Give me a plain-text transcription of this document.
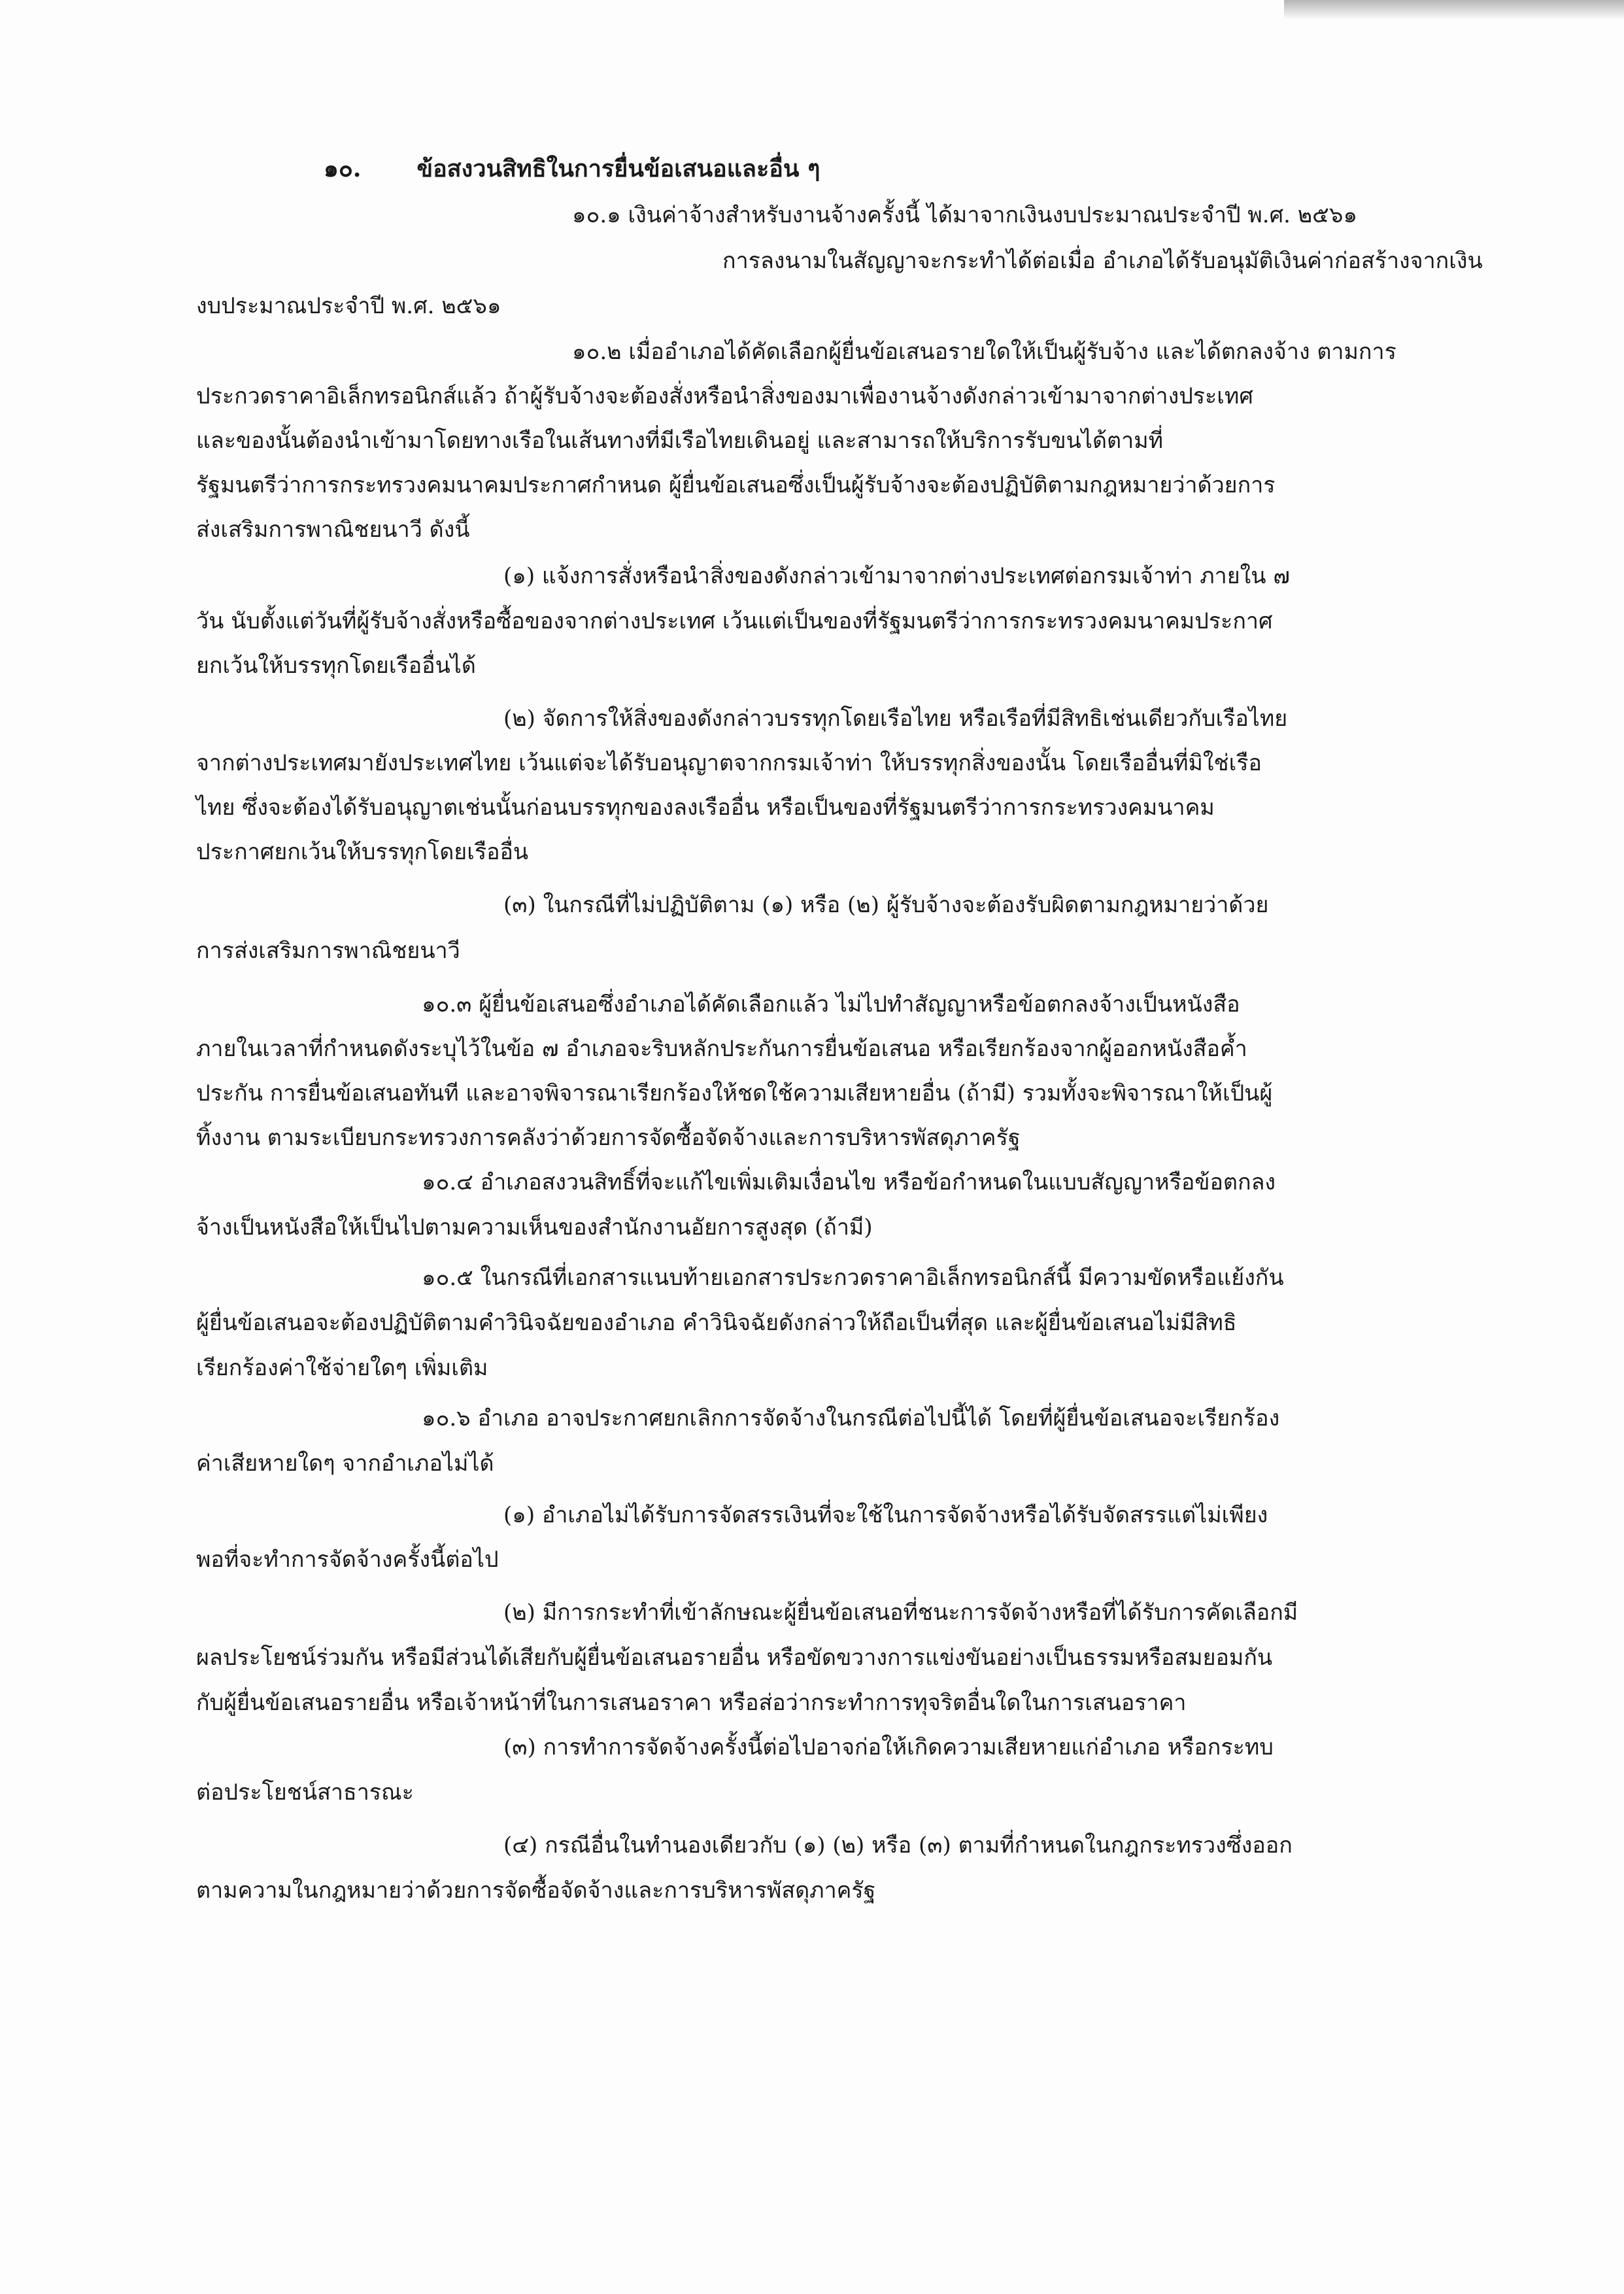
๑๐. ข้อสงวนสิทธิในการยื่นข้อเสนอและอื่น ๆ
๑๐.๑ เงินค่าจ้างสำหรับงานจ้างครั้งนี้ ได้มาจากเงินงบประมาณประจำปี พ.ศ. ๒๕๖๑
การลงนามในสัญญาจะกระทำได้ต่อเมื่อ อำเภอได้รับอนุมัติเงินค่าก่อสร้างจากเงิน
งบประมาณประจำปี พ.ศ. ๒๕๖๑
๑๐.๒ เมื่ออำเภอได้คัดเลือกผู้ยื่นข้อเสนอรายใดให้เป็นผู้รับจ้าง และได้ตกลงจ้าง ตามการ
ประกวดราคาอิเล็กทรอนิกส์แล้ว ถ้าผู้รับจ้างจะต้องสั่งหรือนำสิ่งของมาเพื่องานจ้างดังกล่าวเข้ามาจากต่างประเทศ
และของนั้นต้องนำเข้ามาโดยทางเรือในเส้นทางที่มีเรือไทยเดินอยู่ และสามารถให้บริการรับขนได้ตามที่
รัฐมนตรีว่าการกระทรวงคมนาคมประกาศกำหนด ผู้ยื่นข้อเสนอซึ่งเป็นผู้รับจ้างจะต้องปฏิบัติตามกฎหมายว่าด้วยการ
ส่งเสริมการพาณิชยนาวี ดังนี้
(๑) แจ้งการสั่งหรือนำสิ่งของดังกล่าวเข้ามาจากต่างประเทศต่อกรมเจ้าท่า ภายใน ๗
วัน นับตั้งแต่วันที่ผู้รับจ้างสั่งหรือซื้อของจากต่างประเทศ เว้นแต่เป็นของที่รัฐมนตรีว่าการกระทรวงคมนาคมประกาศ
ยกเว้นให้บรรทุกโดยเรืออื่นได้
(๒) จัดการให้สิ่งของดังกล่าวบรรทุกโดยเรือไทย หรือเรือที่มีสิทธิเช่นเดียวกับเรือไทย
จากต่างประเทศมายังประเทศไทย เว้นแต่จะได้รับอนุญาตจากกรมเจ้าท่า ให้บรรทุกสิ่งของนั้น โดยเรืออื่นที่มิใช่เรือ
ไทย ซึ่งจะต้องได้รับอนุญาตเช่นนั้นก่อนบรรทุกของลงเรืออื่น หรือเป็นของที่รัฐมนตรีว่าการกระทรวงคมนาคม
ประกาศยกเว้นให้บรรทุกโดยเรืออื่น
(๓) ในกรณีที่ไม่ปฏิบัติตาม (๑) หรือ (๒) ผู้รับจ้างจะต้องรับผิดตามกฎหมายว่าด้วย
การส่งเสริมการพาณิชยนาวี
๑๐.๓ ผู้ยื่นข้อเสนอซึ่งอำเภอได้คัดเลือกแล้ว ไม่ไปทำสัญญาหรือข้อตกลงจ้างเป็นหนังสือ
ภายในเวลาที่กำหนดดังระบุไว้ในข้อ ๗ อำเภอจะริบหลักประกันการยื่นข้อเสนอ หรือเรียกร้องจากผู้ออกหนังสือค้ำ
ประกัน การยื่นข้อเสนอทันที และอาจพิจารณาเรียกร้องให้ชดใช้ความเสียหายอื่น (ถ้ามี) รวมทั้งจะพิจารณาให้เป็นผู้
ทิ้งงาน ตามระเบียบกระทรวงการคลังว่าด้วยการจัดซื้อจัดจ้างและการบริหารพัสดุภาครัฐ
๑๐.๔ อำเภอสงวนสิทธิ์ที่จะแก้ไขเพิ่มเติมเงื่อนไข หรือข้อกำหนดในแบบสัญญาหรือข้อตกลง
จ้างเป็นหนังสือให้เป็นไปตามความเห็นของสำนักงานอัยการสูงสุด (ถ้ามี)
๑๐.๕ ในกรณีที่เอกสารแนบท้ายเอกสารประกวดราคาอิเล็กทรอนิกส์นี้ มีความขัดหรือแย้งกัน
ผู้ยื่นข้อเสนอจะต้องปฏิบัติตามคำวินิจฉัยของอำเภอ คำวินิจฉัยดังกล่าวให้ถือเป็นที่สุด และผู้ยื่นข้อเสนอไม่มีสิทธิ
เรียกร้องค่าใช้จ่ายใดๆ เพิ่มเติม
๑๐.๖ อำเภอ อาจประกาศยกเลิกการจัดจ้างในกรณีต่อไปนี้ได้ โดยที่ผู้ยื่นข้อเสนอจะเรียกร้อง
ค่าเสียหายใดๆ จากอำเภอไม่ได้
(๑) อำเภอไม่ได้รับการจัดสรรเงินที่จะใช้ในการจัดจ้างหรือได้รับจัดสรรแต่ไม่เพียง
พอที่จะทำการจัดจ้างครั้งนี้ต่อไป
(๒) มีการกระทำที่เข้าลักษณะผู้ยื่นข้อเสนอที่ชนะการจัดจ้างหรือที่ได้รับการคัดเลือกมี
ผลประโยชน์ร่วมกัน หรือมีส่วนได้เสียกับผู้ยื่นข้อเสนอรายอื่น หรือขัดขวางการแข่งขันอย่างเป็นธรรมหรือสมยอมกัน
กับผู้ยื่นข้อเสนอรายอื่น หรือเจ้าหน้าที่ในการเสนอราคา หรือส่อว่ากระทำการทุจริตอื่นใดในการเสนอราคา
(๓) การทำการจัดจ้างครั้งนี้ต่อไปอาจก่อให้เกิดความเสียหายแก่อำเภอ หรือกระทบ
ต่อประโยชน์สาธารณะ
(๔) กรณีอื่นในทำนองเดียวกับ (๑) (๒) หรือ (๓) ตามที่กำหนดในกฎกระทรวงซึ่งออก
ตามความในกฎหมายว่าด้วยการจัดซื้อจัดจ้างและการบริหารพัสดุภาครัฐ
